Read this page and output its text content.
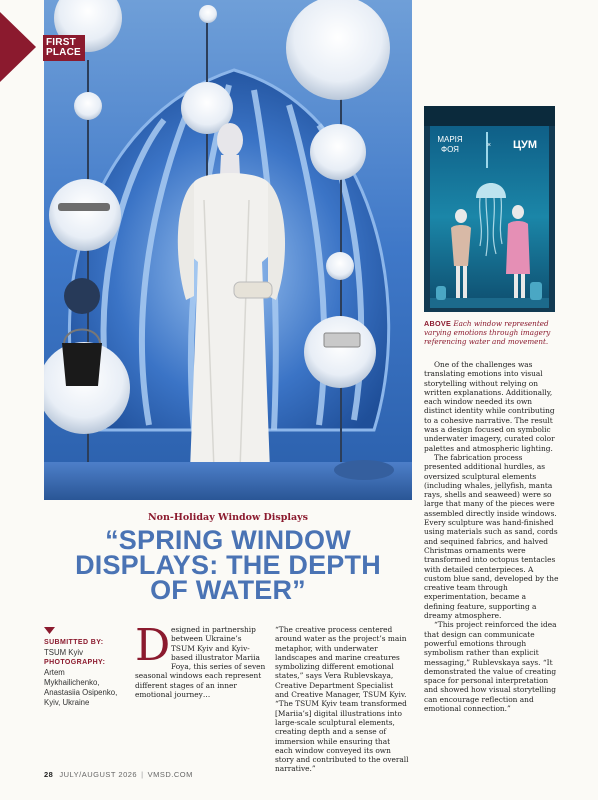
FIRST
PLACE
МАРІЯ
ФОЯ	× ЦУМ
ABOVE Each window represented varying emotions through imagery referencing water and movement.
Non-Holiday Window Displays
“SPRING WINDOW
DISPLAYS: THE DEPTH
OF WATER”
SUBMITTED BY:
TSUM Kyiv
PHOTOGRAPHY:
Artem
Mykhailichenko,
Anastasiia Osipenko,
Kyiv, Ukraine
D esigned in partnership between Ukraine’s TSUM Kyiv and Kyiv-based illustrator Mariia Foya, this series of seven seasonal windows each represent different stages of an inner emotional journey…

“The creative process centered around water as the project’s main metaphor, with underwater landscapes and marine creatures symbolizing different emotional states,” says Vera Rublevskaya, Creative Department Specialist and Creative Manager, TSUM Kyiv. “The TSUM Kyiv team transformed [Mariia’s] digital illustrations into large-scale sculptural elements, creating depth and a sense of immersion while ensuring that each window conveyed its own story and contributed to the overall narrative.”

One of the challenges was translating emotions into visual storytelling without relying on written explanations. Additionally, each window needed its own distinct identity while contributing to a cohesive narrative. The result was a design focused on symbolic underwater imagery, curated color palettes and atmospheric lighting.

The fabrication process presented additional hurdles, as oversized sculptural elements (including whales, jellyfish, manta rays, shells and seaweed) were so large that many of the pieces were assembled directly inside windows. Every sculpture was hand-finished using materials such as sand, cords and sequined fabrics, and halved Christmas ornaments were transformed into octopus tentacles with detailed centerpieces. A custom blue sand, developed by the creative team through experimentation, became a defining feature, supporting a dreamy atmosphere.

“This project reinforced the idea that design can communicate powerful emotions through symbolism rather than explicit messaging,” Rublevskaya says. “It demonstrated the value of creating space for personal interpretation and showed how visual storytelling can encourage reflection and emotional connection.”

28 JULY/AUGUST 2026 | VMSD.COM
